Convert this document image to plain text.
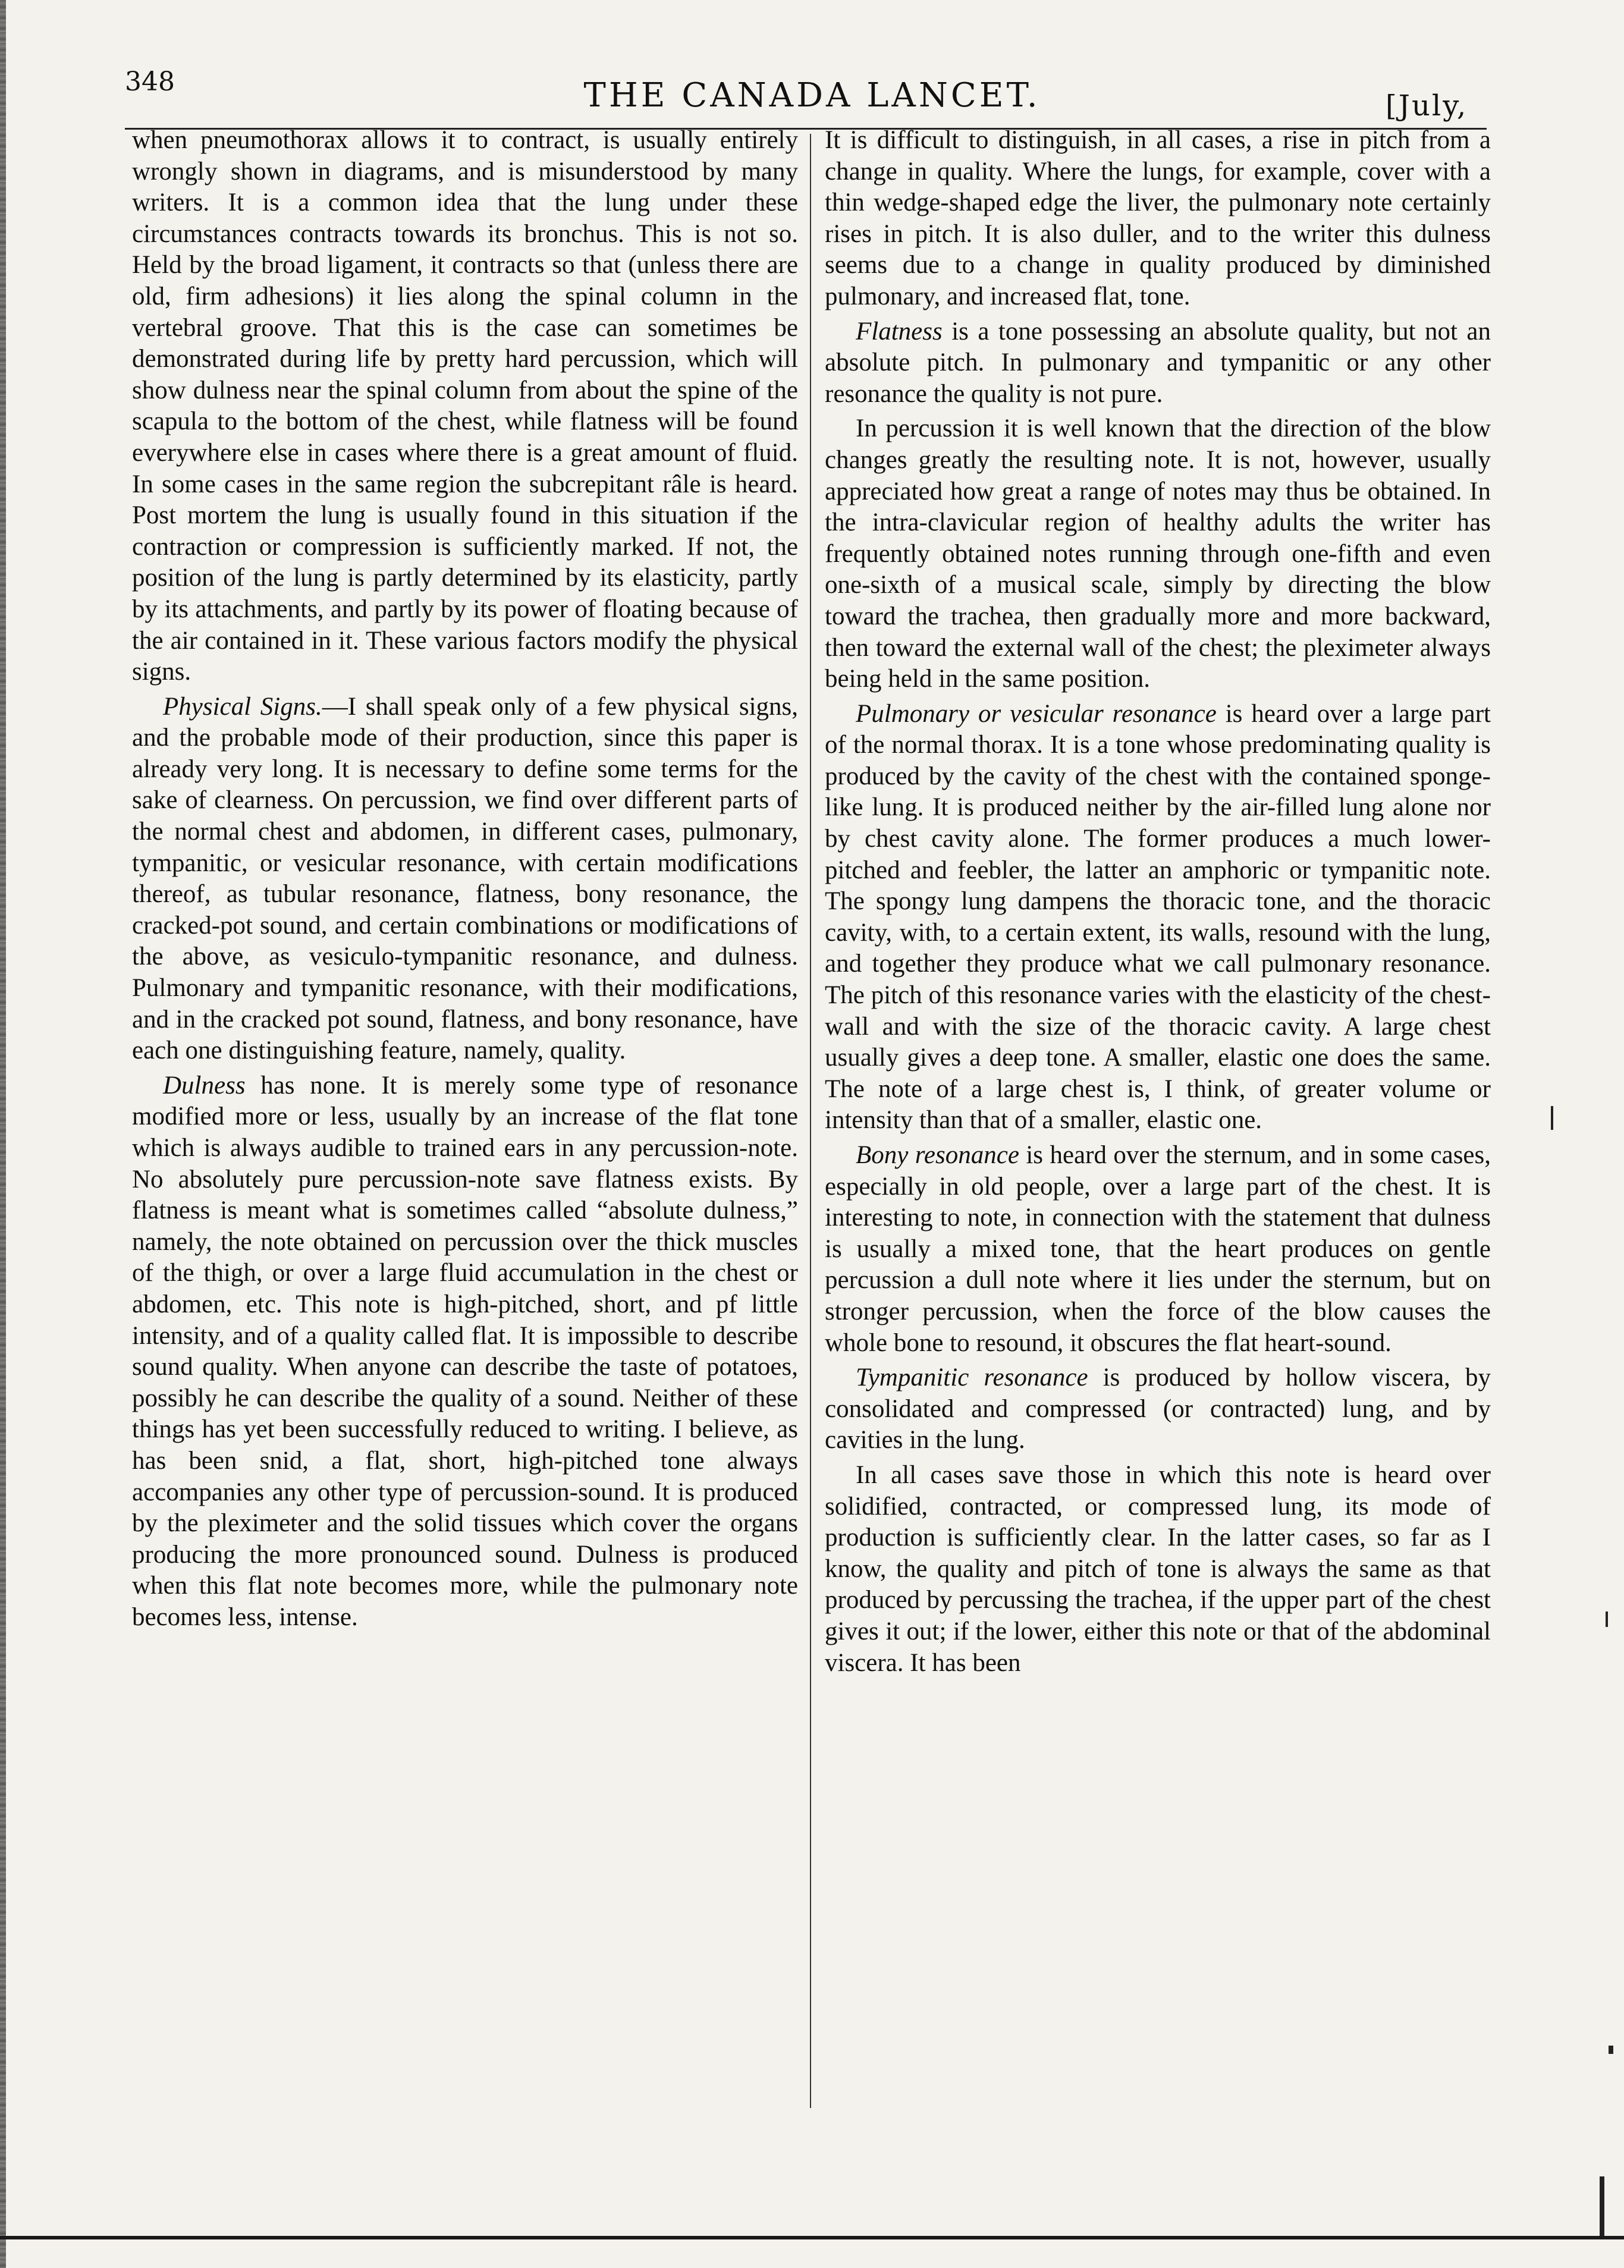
348	THE CANADA LANCET.	[July,

when pneumothorax allows it to contract, is usually entirely wrongly shown in diagrams, and is misunderstood by many writers. It is a common idea that the lung under these circumstances contracts towards its bronchus. This is not so. Held by the broad ligament, it contracts so that (unless there are old, firm adhesions) it lies along the spinal column in the vertebral groove. That this is the case can sometimes be demonstrated during life by pretty hard percussion, which will show dulness near the spinal column from about the spine of the scapula to the bottom of the chest, while flatness will be found everywhere else in cases where there is a great amount of fluid. In some cases in the same region the subcrepitant râle is heard. Post mortem the lung is usually found in this situation if the contraction or compression is sufficiently marked. If not, the position of the lung is partly determined by its elasticity, partly by its attachments, and partly by its power of floating because of the air contained in it. These various factors modify the physical signs.

Physical Signs.—I shall speak only of a few physical signs, and the probable mode of their production, since this paper is already very long. It is necessary to define some terms for the sake of clearness. On percussion, we find over different parts of the normal chest and abdomen, in different cases, pulmonary, tympanitic, or vesicular resonance, with certain modifications thereof, as tubular resonance, flatness, bony resonance, the cracked-pot sound, and certain combinations or modifications of the above, as vesiculo-tympanitic resonance, and dulness. Pulmonary and tympanitic resonance, with their modifications, and in the cracked pot sound, flatness, and bony resonance, have each one distinguishing feature, namely, quality.

Dulness has none. It is merely some type of resonance modified more or less, usually by an increase of the flat tone which is always audible to trained ears in any percussion-note. No absolutely pure percussion-note save flatness exists. By flatness is meant what is sometimes called “absolute dulness,” namely, the note obtained on percussion over the thick muscles of the thigh, or over a large fluid accumulation in the chest or abdomen, etc. This note is high-pitched, short, and pf little intensity, and of a quality called flat. It is impossible to describe sound quality. When anyone can describe the taste of potatoes, possibly he can describe the quality of a sound. Neither of these things has yet been successfully reduced to writing. I believe, as has been snid, a flat, short, high-pitched tone always accompanies any other type of percussion-sound. It is produced by the pleximeter and the solid tissues which cover the organs producing the more pronounced sound. Dulness is produced when this flat note becomes more, while the pulmonary note becomes less, intense.

It is difficult to distinguish, in all cases, a rise in pitch from a change in quality. Where the lungs, for example, cover with a thin wedge-shaped edge the liver, the pulmonary note certainly rises in pitch. It is also duller, and to the writer this dulness seems due to a change in quality produced by diminished pulmonary, and increased flat, tone.

Flatness is a tone possessing an absolute quality, but not an absolute pitch. In pulmonary and tympanitic or any other resonance the quality is not pure.

In percussion it is well known that the direction of the blow changes greatly the resulting note. It is not, however, usually appreciated how great a range of notes may thus be obtained. In the intra-clavicular region of healthy adults the writer has frequently obtained notes running through one-fifth and even one-sixth of a musical scale, simply by directing the blow toward the trachea, then gradually more and more backward, then toward the external wall of the chest; the pleximeter always being held in the same position.

Pulmonary or vesicular resonance is heard over a large part of the normal thorax. It is a tone whose predominating quality is produced by the cavity of the chest with the contained sponge-like lung. It is produced neither by the air-filled lung alone nor by chest cavity alone. The former produces a much lower-pitched and feebler, the latter an amphoric or tympanitic note. The spongy lung dampens the thoracic tone, and the thoracic cavity, with, to a certain extent, its walls, resound with the lung, and together they produce what we call pulmonary resonance. The pitch of this resonance varies with the elasticity of the chest-wall and with the size of the thoracic cavity. A large chest usually gives a deep tone. A smaller, elastic one does the same. The note of a large chest is, I think, of greater volume or intensity than that of a smaller, elastic one.

Bony resonance is heard over the sternum, and in some cases, especially in old people, over a large part of the chest. It is interesting to note, in connection with the statement that dulness is usually a mixed tone, that the heart produces on gentle percussion a dull note where it lies under the sternum, but on stronger percussion, when the force of the blow causes the whole bone to resound, it obscures the flat heart-sound.

Tympanitic resonance is produced by hollow viscera, by consolidated and compressed (or contracted) lung, and by cavities in the lung.

In all cases save those in which this note is heard over solidified, contracted, or compressed lung, its mode of production is sufficiently clear. In the latter cases, so far as I know, the quality and pitch of tone is always the same as that produced by percussing the trachea, if the upper part of the chest gives it out; if the lower, either this note or that of the abdominal viscera. It has been
